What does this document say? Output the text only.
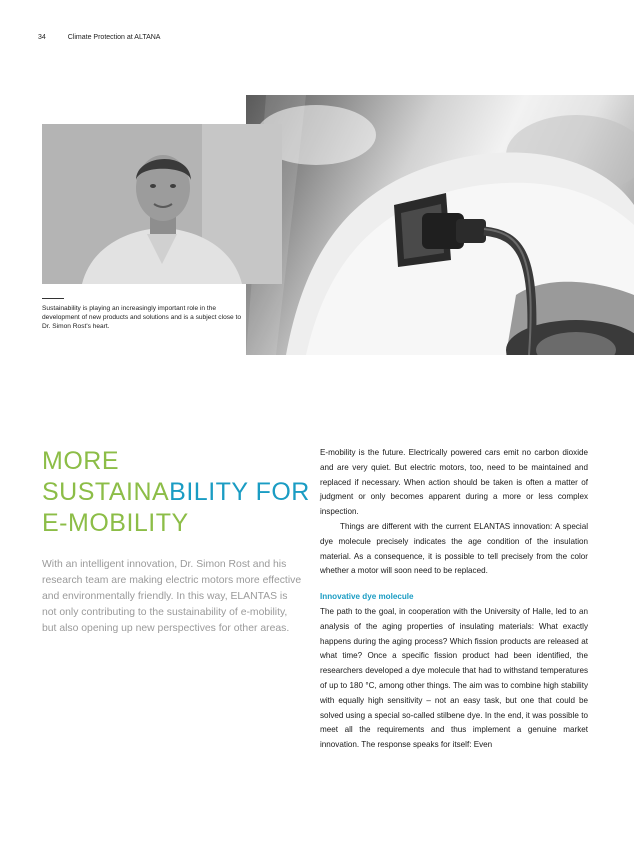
34	Climate Protection at ALTANA
Sustainability is playing an increasingly important role in the development of new products and solutions and is a subject close to Dr. Simon Rost's heart.
MORE
SUSTAINABILITY FOR
E-MOBILITY

With an intelligent innovation, Dr. Simon Rost and his research team are making electric motors more effective and environmentally friendly. In this way, ELANTAS is not only contributing to the sustainability of e-mobility, but also opening up new perspectives for other areas.

E-mobility is the future. Electrically powered cars emit no carbon dioxide and are very quiet. But electric motors, too, need to be maintained and replaced if necessary. When action should be taken is often a matter of judgment or only becomes apparent during a more or less complex inspection.

Things are different with the current ELANTAS innovation: A special dye molecule precisely indicates the age condition of the insulation material. As a consequence, it is possible to tell precisely from the color whether a motor will soon need to be replaced.

Innovative dye molecule

The path to the goal, in cooperation with the University of Halle, led to an analysis of the aging properties of insulating materials: What exactly happens during the aging process? Which fission products are released at what time? Once a specific fission product had been identified, the researchers developed a dye molecule that had to withstand temperatures of up to 180 °C, among other things. The aim was to combine high stability with equally high sensitivity – not an easy task, but one that could be solved using a special so-called stilbene dye. In the end, it was possible to meet all the requirements and thus implement a genuine market innovation. The response speaks for itself: Even
